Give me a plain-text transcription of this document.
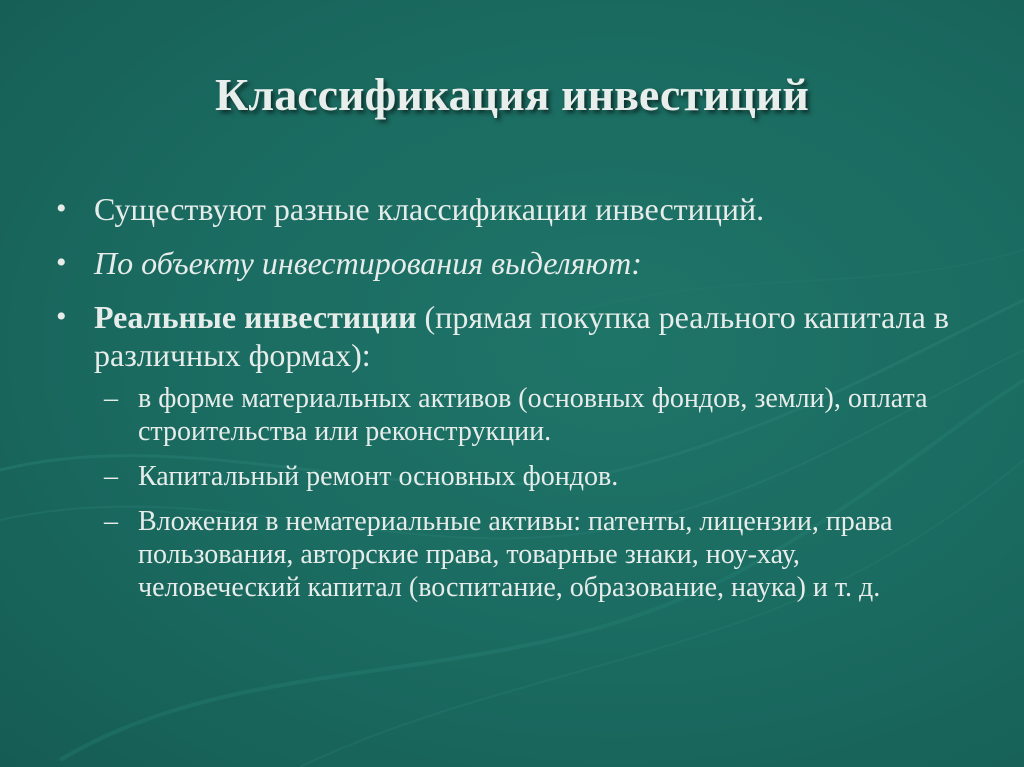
Классификация инвестиций
• Существуют разные классификации инвестиций.
• По объекту инвестирования выделяют:
• Реальные инвестиции (прямая покупка реального капитала в различных формах):
– в форме материальных активов (основных фондов, земли), оплата строительства или реконструкции.
– Капитальный ремонт основных фондов.
– Вложения в нематериальные активы: патенты, лицензии, права пользования, авторские права, товарные знаки, ноу-хау, человеческий капитал (воспитание, образование, наука) и т. д.
